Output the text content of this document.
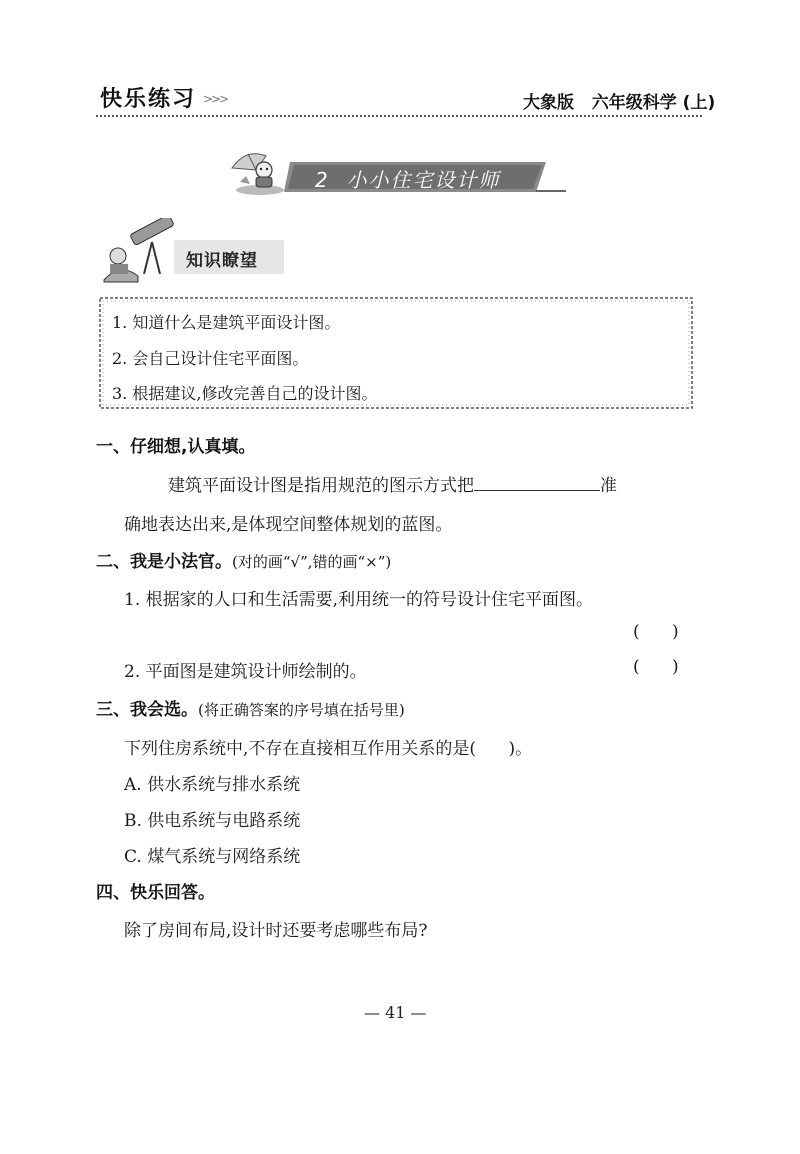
快乐练习 >>>	大象版   六年级科学 (上)
2  小小住宅设计师
知识瞭望
1. 知道什么是建筑平面设计图。
2. 会自己设计住宅平面图。
3. 根据建议,修改完善自己的设计图。
一、仔细想,认真填。
建筑平面设计图是指用规范的图示方式把	准
确地表达出来,是体现空间整体规划的蓝图。
二、我是小法官。(对的画“√”,错的画“×”)
1. 根据家的人口和生活需要,利用统一的符号设计住宅平面图。
(      )
2. 平面图是建筑设计师绘制的。	(      )
三、我会选。(将正确答案的序号填在括号里)
下列住房系统中,不存在直接相互作用关系的是(      )。
A. 供水系统与排水系统
B. 供电系统与电路系统
C. 煤气系统与网络系统
四、快乐回答。
除了房间布局,设计时还要考虑哪些布局?
— 41 —
